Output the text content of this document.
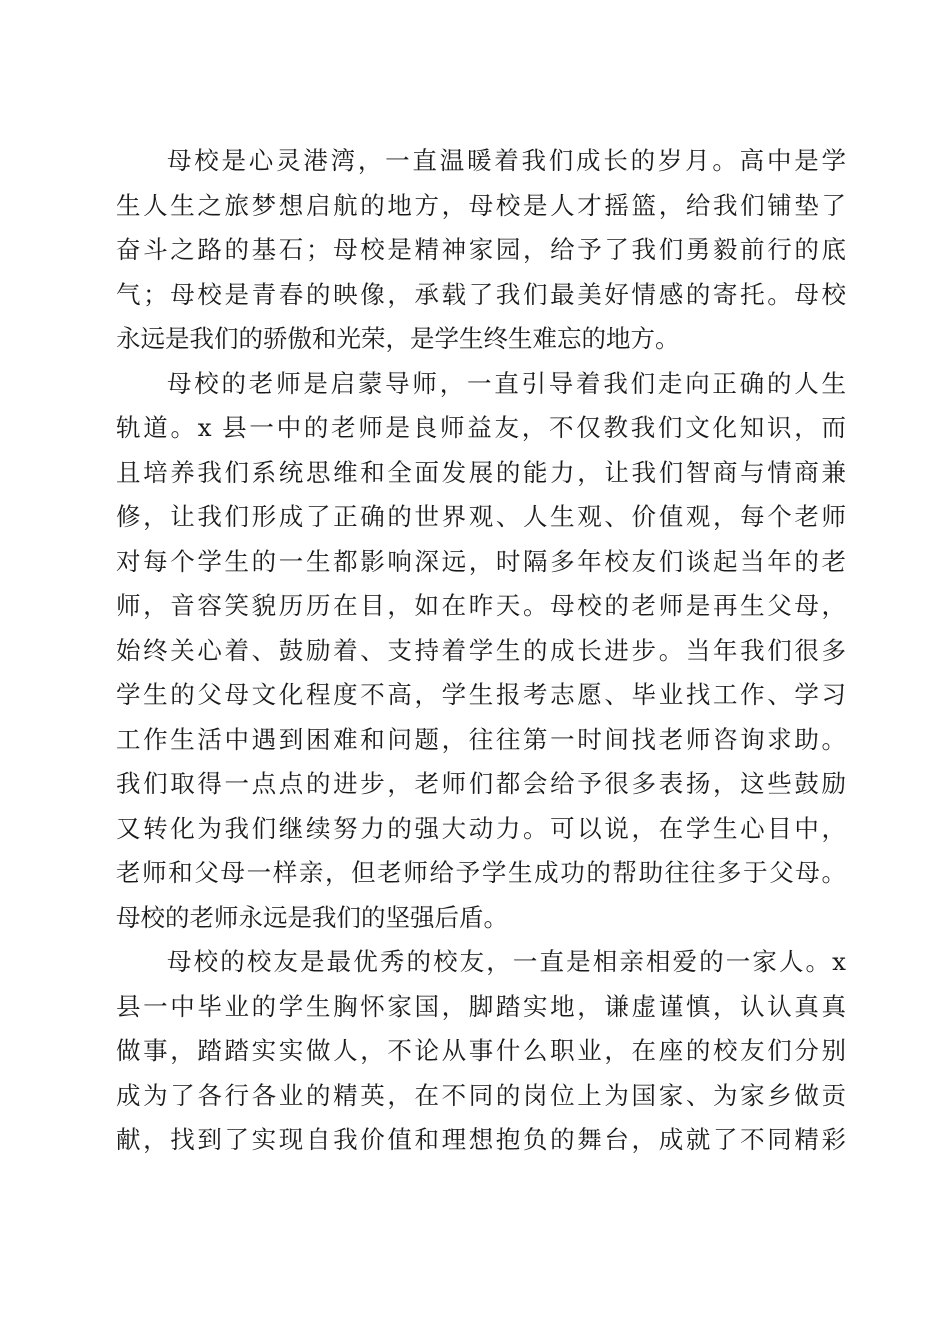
母校是心灵港湾，一直温暖着我们成长的岁月。高中是学
生人生之旅梦想启航的地方，母校是人才摇篮，给我们铺垫了
奋斗之路的基石；母校是精神家园，给予了我们勇毅前行的底
气；母校是青春的映像，承载了我们最美好情感的寄托。母校
永远是我们的骄傲和光荣，是学生终生难忘的地方。
母校的老师是启蒙导师，一直引导着我们走向正确的人生
轨道。x 县一中的老师是良师益友，不仅教我们文化知识，而
且培养我们系统思维和全面发展的能力，让我们智商与情商兼
修，让我们形成了正确的世界观、人生观、价值观，每个老师
对每个学生的一生都影响深远，时隔多年校友们谈起当年的老
师，音容笑貌历历在目，如在昨天。母校的老师是再生父母，
始终关心着、鼓励着、支持着学生的成长进步。当年我们很多
学生的父母文化程度不高，学生报考志愿、毕业找工作、学习
工作生活中遇到困难和问题，往往第一时间找老师咨询求助。
我们取得一点点的进步，老师们都会给予很多表扬，这些鼓励
又转化为我们继续努力的强大动力。可以说，在学生心目中，
老师和父母一样亲，但老师给予学生成功的帮助往往多于父母。
母校的老师永远是我们的坚强后盾。
母校的校友是最优秀的校友，一直是相亲相爱的一家人。x
县一中毕业的学生胸怀家国，脚踏实地，谦虚谨慎，认认真真
做事，踏踏实实做人，不论从事什么职业，在座的校友们分别
成为了各行各业的精英，在不同的岗位上为国家、为家乡做贡
献，找到了实现自我价值和理想抱负的舞台，成就了不同精彩
